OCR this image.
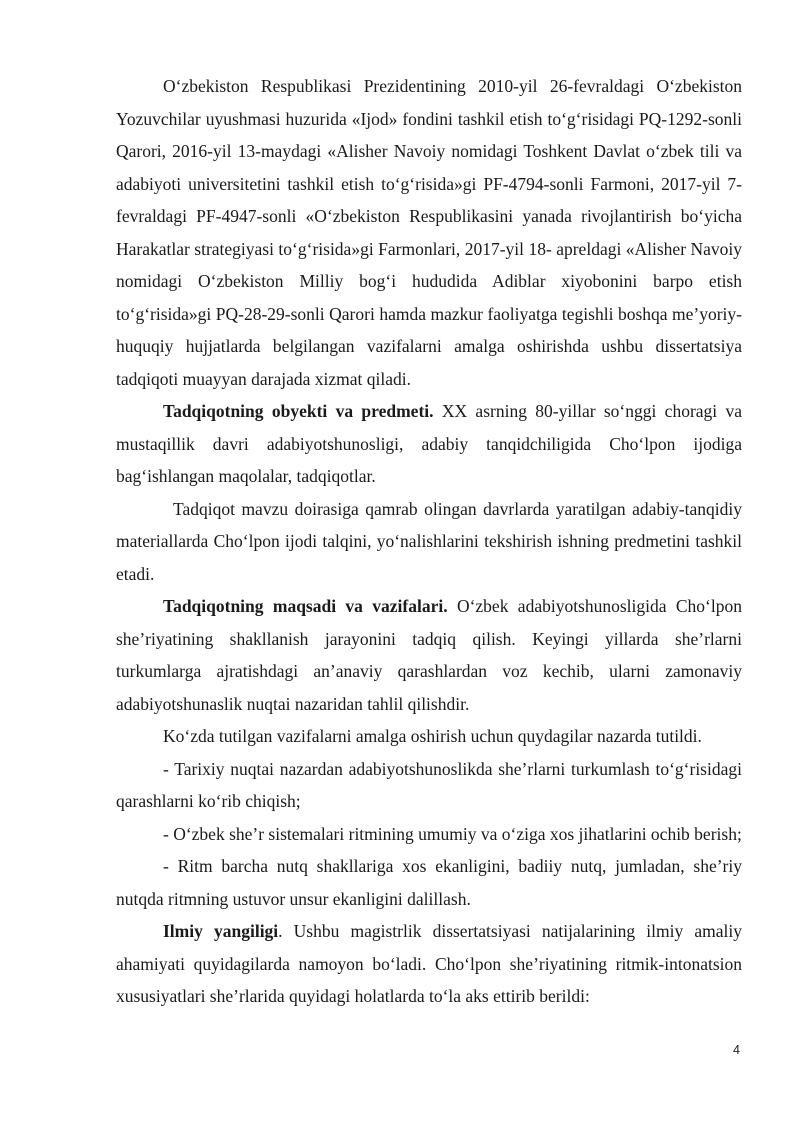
O‘zbekiston Respublikasi Prezidentining 2010-yil 26-fevraldagi O‘zbekiston Yozuvchilar uyushmasi huzurida «Ijod» fondini tashkil etish to‘g‘risidagi PQ-1292-sonli Qarori, 2016-yil 13-maydagi «Alisher Navoiy nomidagi Toshkent Davlat o‘zbek tili va adabiyoti universitetini tashkil etish to‘g‘risida»gi PF-4794-sonli Farmoni, 2017-yil 7-fevraldagi PF-4947-sonli «O‘zbekiston Respublikasini yanada rivojlantirish bo‘yicha Harakatlar strategiyasi to‘g‘risida»gi Farmonlari, 2017-yil 18- apreldagi «Alisher Navoiy nomidagi O‘zbekiston Milliy bog‘i hududida Adiblar xiyobonini barpo etish to‘g‘risida»gi PQ-28-29-sonli Qarori hamda mazkur faoliyatga tegishli boshqa me’yoriy-huquqiy hujjatlarda belgilangan vazifalarni amalga oshirishda ushbu dissertatsiya tadqiqoti muayyan darajada xizmat qiladi.

Tadqiqotning obyekti va predmeti. XX asrning 80-yillar so‘nggi choragi va mustaqillik davri adabiyotshunosligi, adabiy tanqidchiligida Cho‘lpon ijodiga bag‘ishlangan maqolalar, tadqiqotlar.

Tadqiqot mavzu doirasiga qamrab olingan davrlarda yaratilgan adabiy-tanqidiy materiallarda Cho‘lpon ijodi talqini, yo‘nalishlarini tekshirish ishning predmetini tashkil etadi.

Tadqiqotning maqsadi va vazifalari. O‘zbek adabiyotshunosligida Cho‘lpon she’riyatining shakllanish jarayonini tadqiq qilish. Keyingi yillarda she’rlarni turkumlarga ajratishdagi an’anaviy qarashlardan voz kechib, ularni zamonaviy adabiyotshunaslik nuqtai nazaridan tahlil qilishdir.

Ko‘zda tutilgan vazifalarni amalga oshirish uchun quydagilar nazarda tutildi.

- Tarixiy nuqtai nazardan adabiyotshunoslikda she’rlarni turkumlash to‘g‘risidagi qarashlarni ko‘rib chiqish;

- O‘zbek she’r sistemalari ritmining umumiy va o‘ziga xos jihatlarini ochib berish;

- Ritm barcha nutq shakllariga xos ekanligini, badiiy nutq, jumladan, she’riy nutqda ritmning ustuvor unsur ekanligini dalillash.

Ilmiy yangiligi. Ushbu magistrlik dissertatsiyasi natijalarining ilmiy amaliy ahamiyati quyidagilarda namoyon bo‘ladi. Cho‘lpon she’riyatining ritmik-intonatsion xususiyatlari she’rlarida quyidagi holatlarda to‘la aks ettirib berildi:

4
